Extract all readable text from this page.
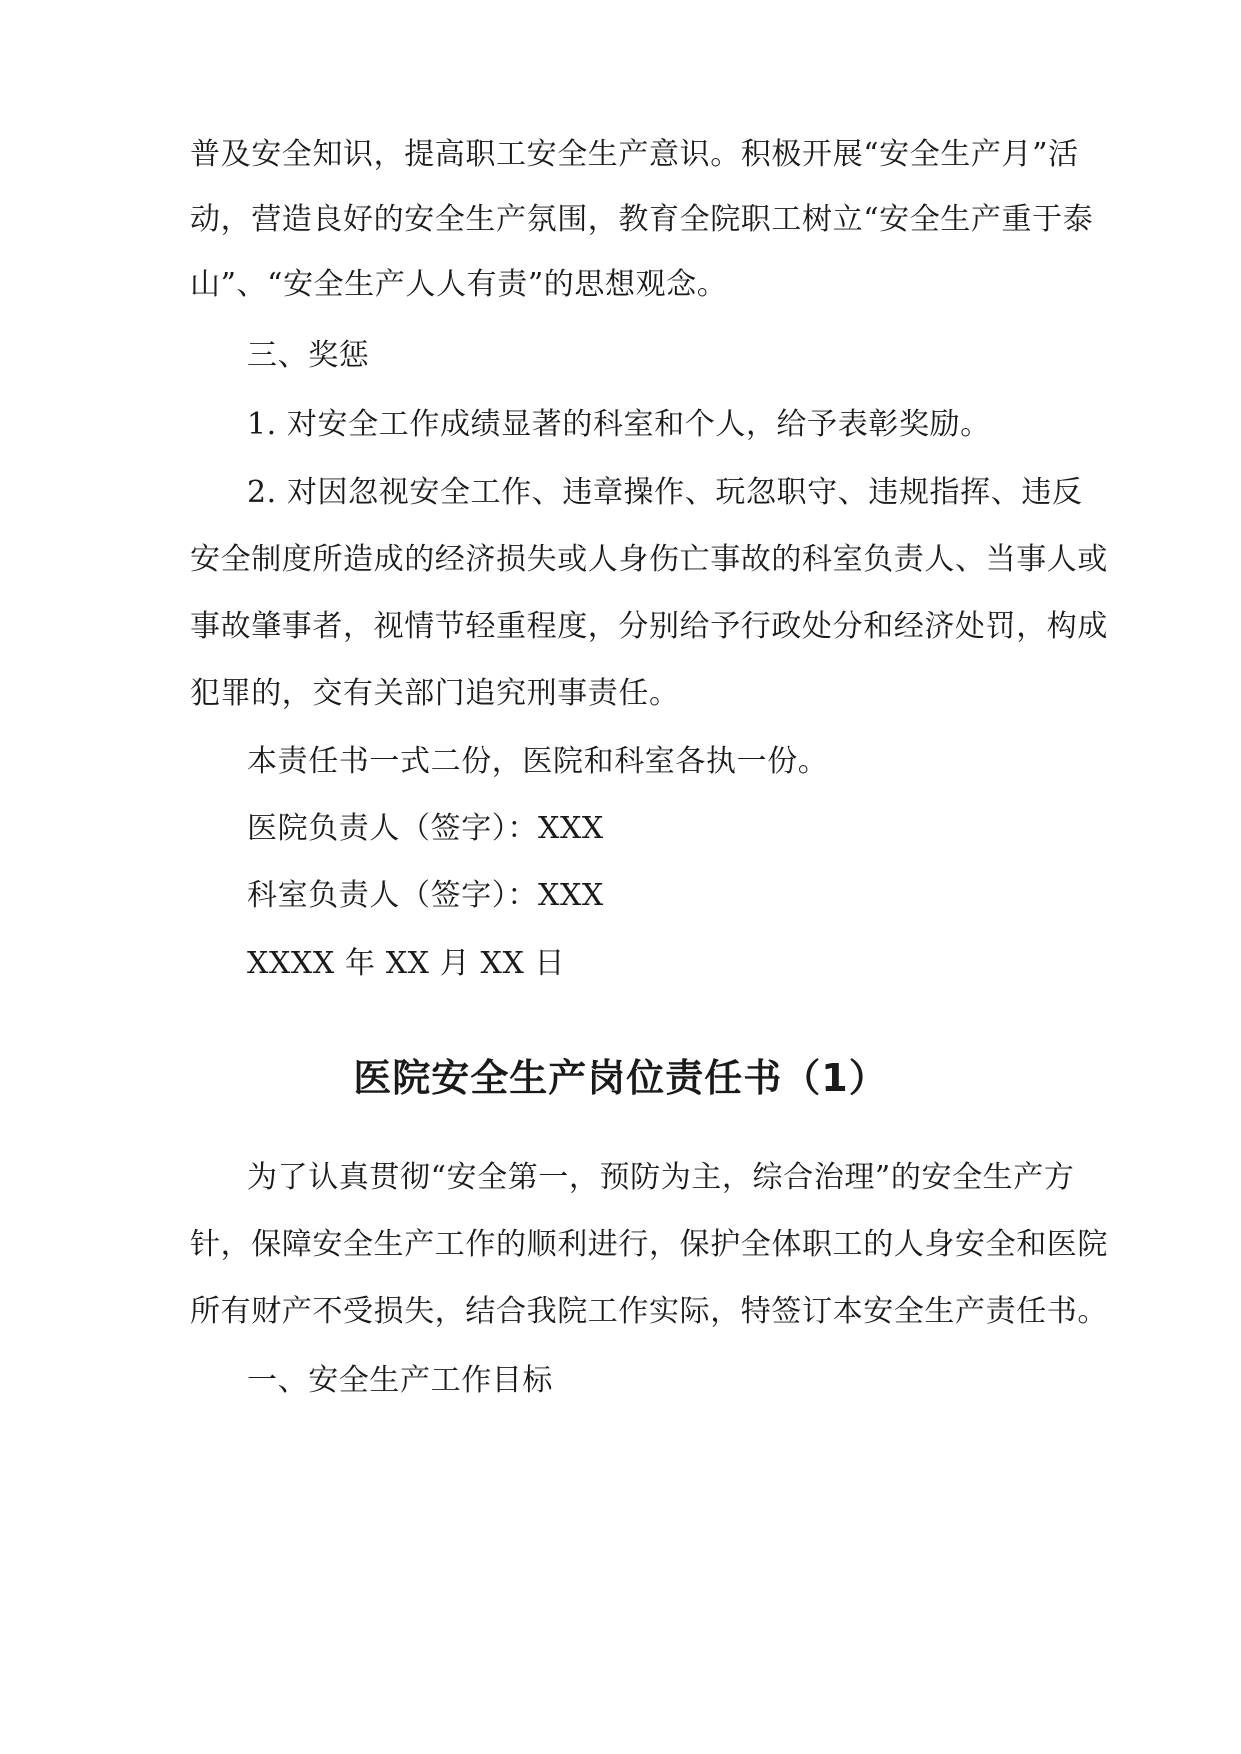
普及安全知识，提高职工安全生产意识。积极开展“安全生产月”活
动，营造良好的安全生产氛围，教育全院职工树立“安全生产重于泰
山”、“安全生产人人有责”的思想观念。
三、奖惩
1. 对安全工作成绩显著的科室和个人，给予表彰奖励。
2. 对因忽视安全工作、违章操作、玩忽职守、违规指挥、违反
安全制度所造成的经济损失或人身伤亡事故的科室负责人、当事人或
事故肇事者，视情节轻重程度，分别给予行政处分和经济处罚，构成
犯罪的，交有关部门追究刑事责任。
本责任书一式二份，医院和科室各执一份。
医院负责人（签字）：XXX
科室负责人（签字）：XXX
XXXX 年 XX 月 XX 日
医院安全生产岗位责任书（1）
为了认真贯彻“安全第一，预防为主，综合治理”的安全生产方
针，保障安全生产工作的顺利进行，保护全体职工的人身安全和医院
所有财产不受损失，结合我院工作实际，特签订本安全生产责任书。
一、安全生产工作目标
